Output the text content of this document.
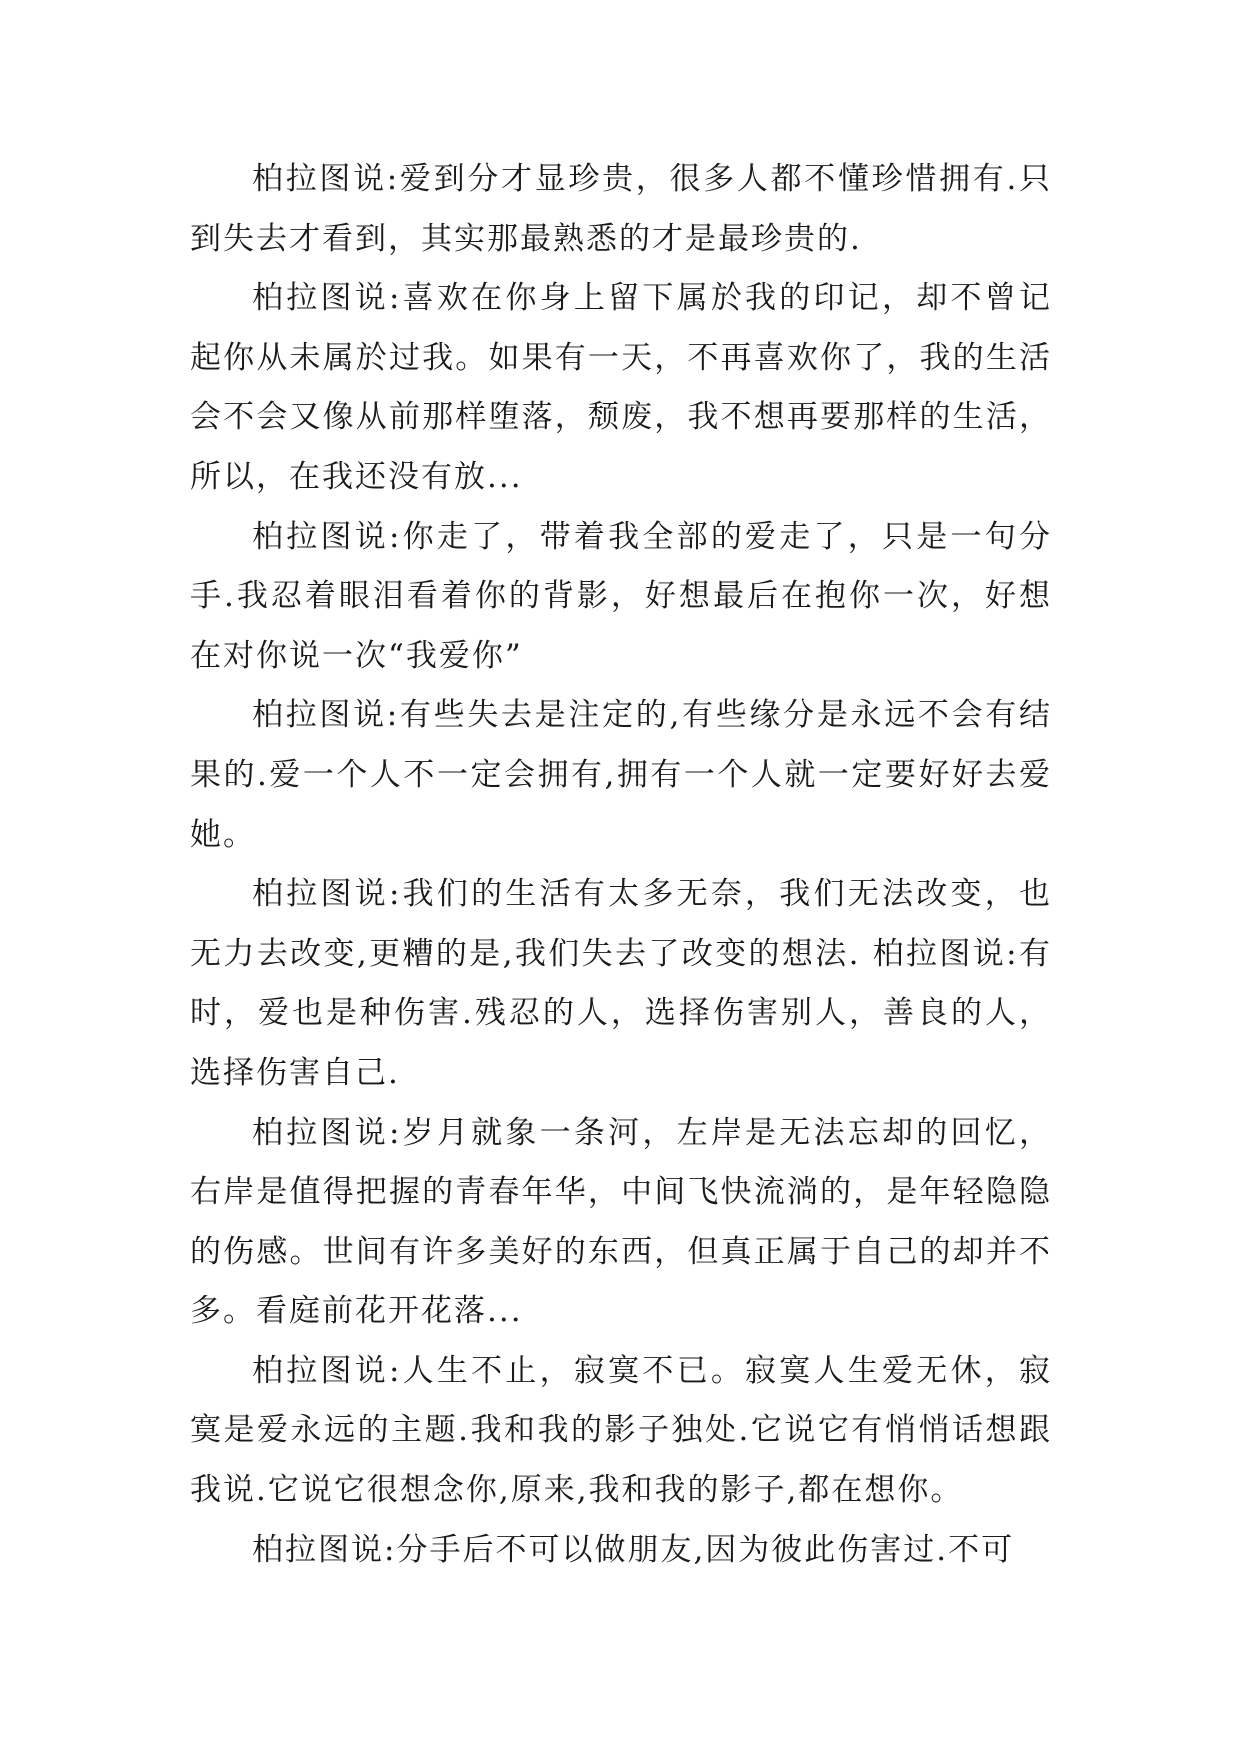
柏拉图说:爱到分才显珍贵，很多人都不懂珍惜拥有.只到失去才看到，其实那最熟悉的才是最珍贵的.

柏拉图说:喜欢在你身上留下属於我的印记，却不曾记起你从未属於过我。如果有一天，不再喜欢你了，我的生活会不会又像从前那样堕落，颓废，我不想再要那样的生活，所以，在我还没有放...

柏拉图说:你走了，带着我全部的爱走了，只是一句分手.我忍着眼泪看着你的背影，好想最后在抱你一次，好想在对你说一次“我爱你”

柏拉图说:有些失去是注定的,有些缘分是永远不会有结果的.爱一个人不一定会拥有,拥有一个人就一定要好好去爱她。

柏拉图说:我们的生活有太多无奈，我们无法改变，也无力去改变,更糟的是,我们失去了改变的想法. 柏拉图说:有时，爱也是种伤害.残忍的人，选择伤害别人，善良的人，选择伤害自己.

柏拉图说:岁月就象一条河，左岸是无法忘却的回忆，右岸是值得把握的青春年华，中间飞快流淌的，是年轻隐隐的伤感。世间有许多美好的东西，但真正属于自己的却并不多。看庭前花开花落...

柏拉图说:人生不止，寂寞不已。寂寞人生爱无休，寂寞是爱永远的主题.我和我的影子独处.它说它有悄悄话想跟我说.它说它很想念你,原来,我和我的影子,都在想你。

柏拉图说:分手后不可以做朋友,因为彼此伤害过.不可
